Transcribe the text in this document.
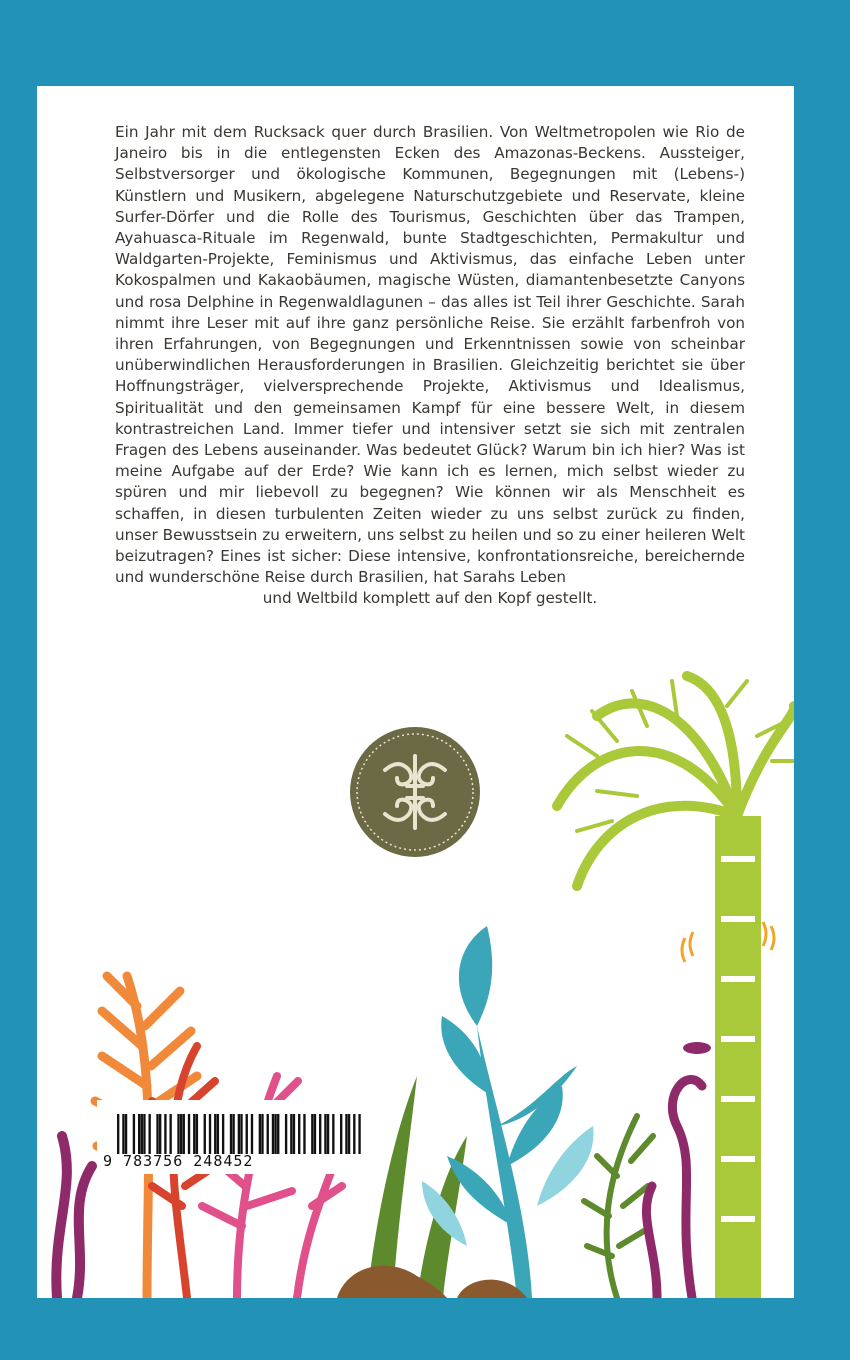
Ein Jahr mit dem Rucksack quer durch Brasilien. Von Weltmetropolen wie Rio de Janeiro bis in die entlegensten Ecken des Amazonas-Beckens. Aussteiger, Selbstversorger und ökologische Kommunen, Begegnungen mit (Lebens-) Künstlern und Musikern, abgelegene Naturschutzgebiete und Reservate, kleine Surfer-Dörfer und die Rolle des Tourismus, Geschichten über das Trampen, Ayahuasca-Rituale im Regenwald, bunte Stadtgeschichten, Permakultur und Waldgarten-Projekte, Feminismus und Aktivismus, das einfache Leben unter Kokospalmen und Kakaobäumen, magische Wüsten, diamantenbesetzte Canyons und rosa Delphine in Regenwaldlagunen – das alles ist Teil ihrer Geschichte. Sarah nimmt ihre Leser mit auf ihre ganz persönliche Reise. Sie erzählt farbenfroh von ihren Erfahrungen, von Begegnungen und Erkenntnissen sowie von scheinbar unüberwindlichen Herausforderungen in Brasilien. Gleichzeitig berichtet sie über Hoffnungsträger, vielversprechende Projekte, Aktivismus und Idealismus, Spiritualität und den gemeinsamen Kampf für eine bessere Welt, in diesem kontrastreichen Land. Immer tiefer und intensiver setzt sie sich mit zentralen Fragen des Lebens auseinander. Was bedeutet Glück? Warum bin ich hier? Was ist meine Aufgabe auf der Erde? Wie kann ich es lernen, mich selbst wieder zu spüren und mir liebevoll zu begegnen? Wie können wir als Menschheit es schaffen, in diesen turbulenten Zeiten wieder zu uns selbst zurück zu finden, unser Bewusstsein zu erweitern, uns selbst zu heilen und so zu einer heileren Welt beizutragen? Eines ist sicher: Diese intensive, konfrontationsreiche, bereichernde und wunderschöne Reise durch Brasilien, hat Sarahs Leben
und Weltbild komplett auf den Kopf gestellt.
9 783756 248452
